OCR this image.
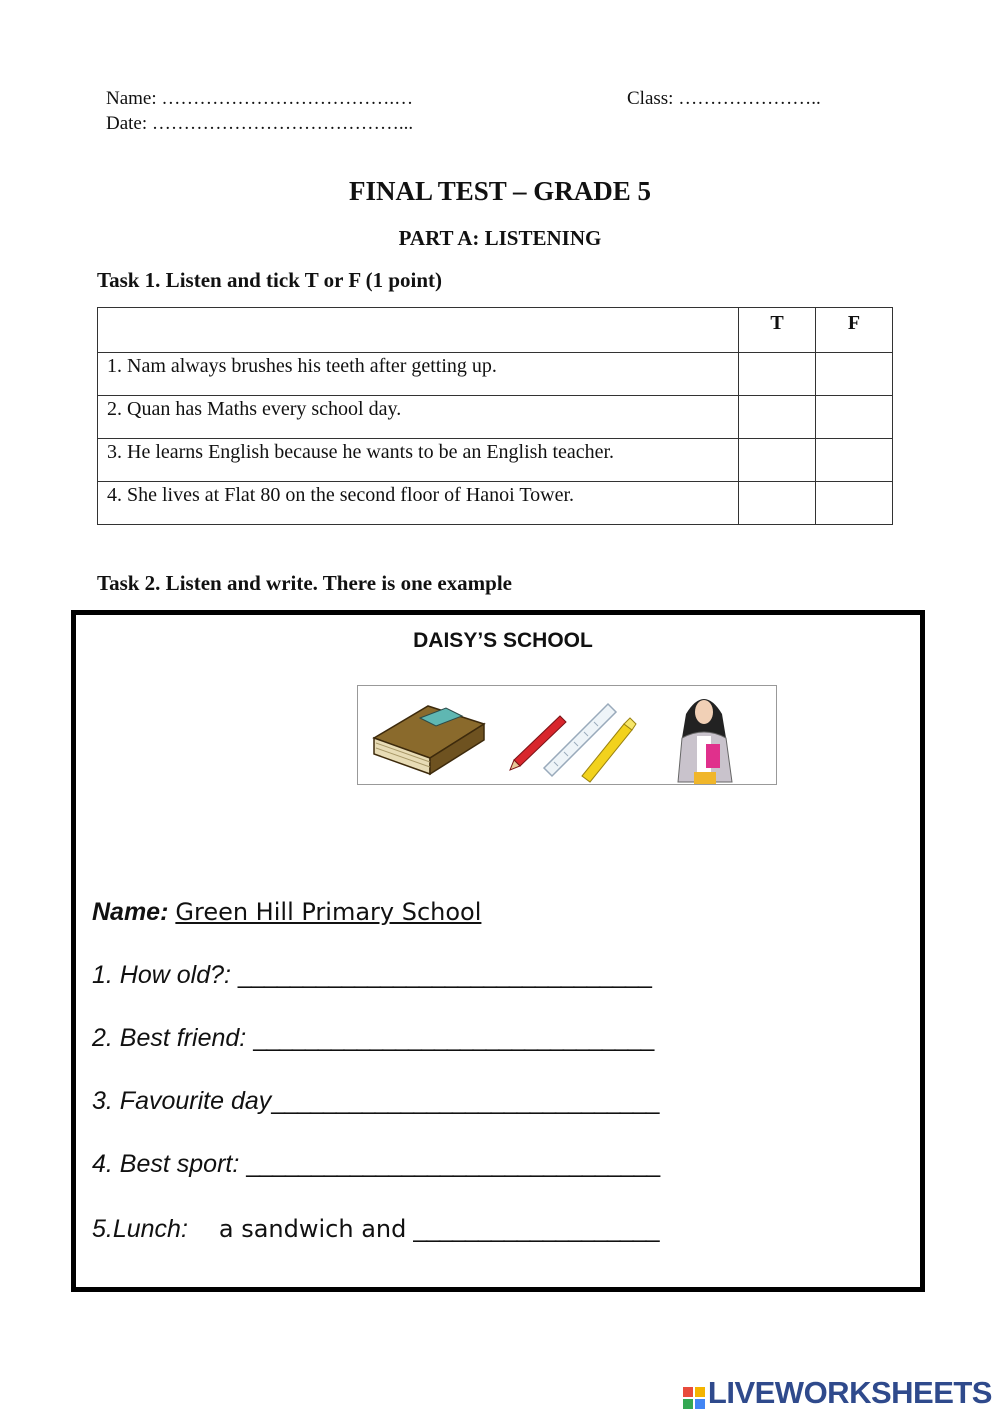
Name: ……………………………….…	Class: …………………..
Date: …………………………………...
FINAL TEST – GRADE 5
PART A: LISTENING
Task 1. Listen and tick T or F (1 point)
	T	F
1. Nam always brushes his teeth after getting up.		
2. Quan has Maths every school day.		
3. He learns English because he wants to be an English teacher.		
4. She lives at Flat 80 on the second floor of Hanoi Tower.		
Task 2. Listen and write. There is one example
DAISY’S SCHOOL
Name: Green Hill Primary School
1. How old?: ________________________________
2. Best friend: _______________________________
3. Favourite day______________________________
4. Best sport: ________________________________
5.Lunch: a sandwich and ___________________
LIVEWORKSHEETS
